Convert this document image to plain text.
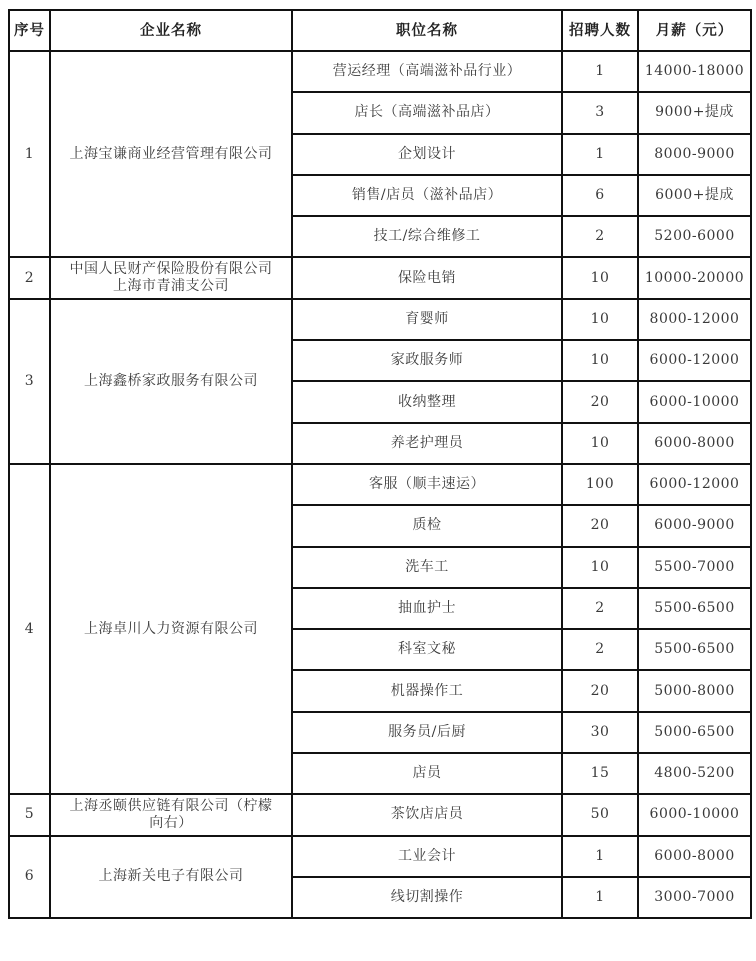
序号	企业名称	职位名称	招聘人数	月薪（元）
1	上海宝谦商业经营管理有限公司	营运经理（高端滋补品行业）	1	14000-18000
		店长（高端滋补品店）	3	9000+提成
		企划设计	1	8000-9000
		销售/店员（滋补品店）	6	6000+提成
		技工/综合维修工	2	5200-6000
2	中国人民财产保险股份有限公司
上海市青浦支公司	保险电销	10	10000-20000
3	上海鑫桥家政服务有限公司	育婴师	10	8000-12000
		家政服务师	10	6000-12000
		收纳整理	20	6000-10000
		养老护理员	10	6000-8000
4	上海卓川人力资源有限公司	客服（顺丰速运）	100	6000-12000
		质检	20	6000-9000
		洗车工	10	5500-7000
		抽血护士	2	5500-6500
		科室文秘	2	5500-6500
		机器操作工	20	5000-8000
		服务员/后厨	30	5000-6500
		店员	15	4800-5200
5	上海丞颐供应链有限公司（柠檬
向右）	茶饮店店员	50	6000-10000
6	上海新关电子有限公司	工业会计	1	6000-8000
		线切割操作	1	3000-7000
